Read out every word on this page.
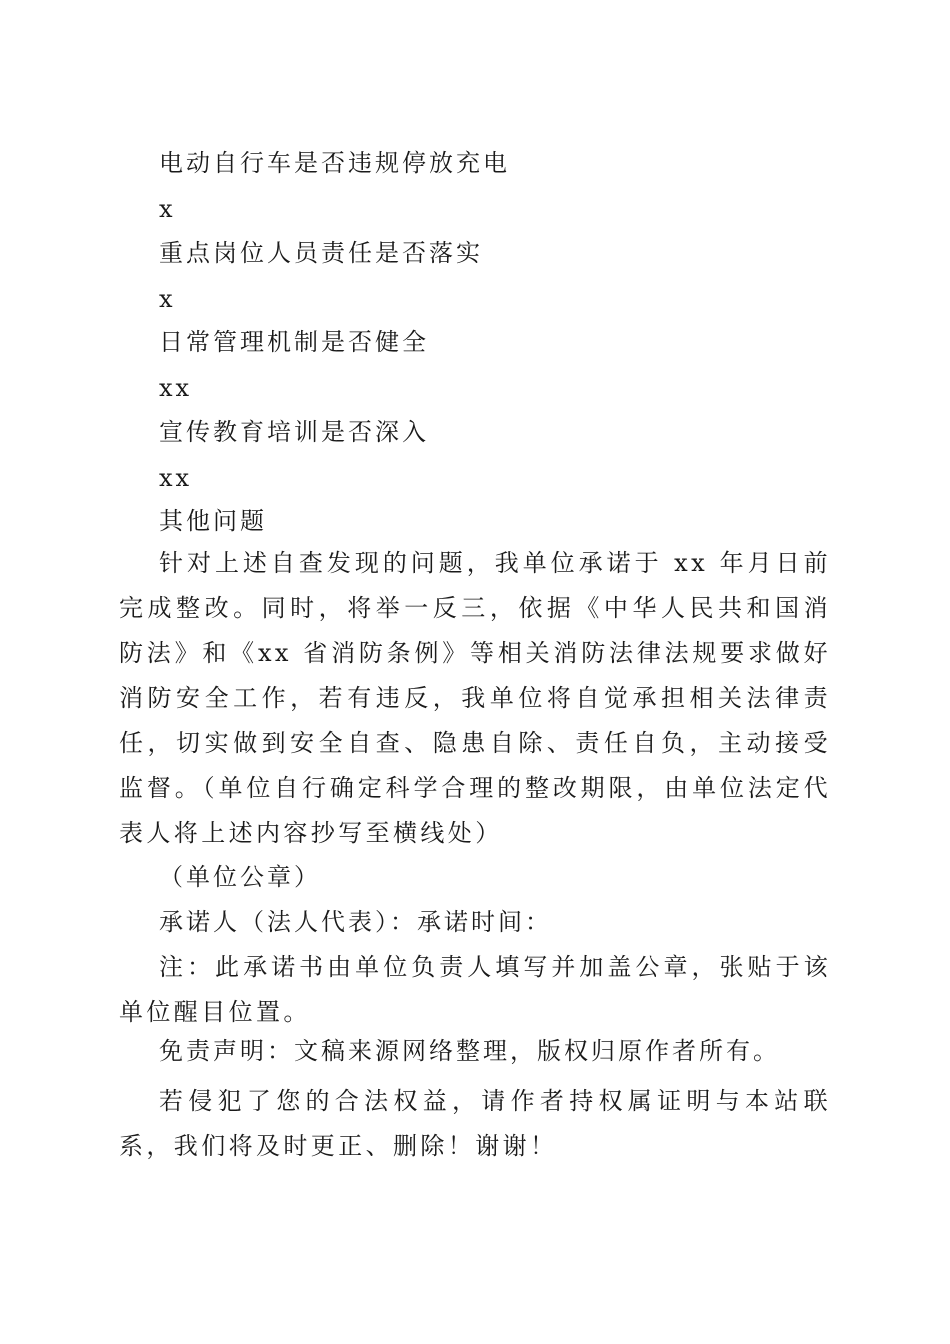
电动自行车是否违规停放充电
x
重点岗位人员责任是否落实
x
日常管理机制是否健全
xx
宣传教育培训是否深入
xx
其他问题
针对上述自查发现的问题，我单位承诺于 xx 年月日前完成整改。同时，将举一反三，依据《中华人民共和国消防法》和《xx 省消防条例》等相关消防法律法规要求做好消防安全工作，若有违反，我单位将自觉承担相关法律责任，切实做到安全自查、隐患自除、责任自负，主动接受监督。（单位自行确定科学合理的整改期限，由单位法定代表人将上述内容抄写至横线处）
（单位公章）
承诺人（法人代表）：承诺时间：
注：此承诺书由单位负责人填写并加盖公章，张贴于该单位醒目位置。
免责声明：文稿来源网络整理，版权归原作者所有。
若侵犯了您的合法权益，请作者持权属证明与本站联系，我们将及时更正、删除！谢谢！
